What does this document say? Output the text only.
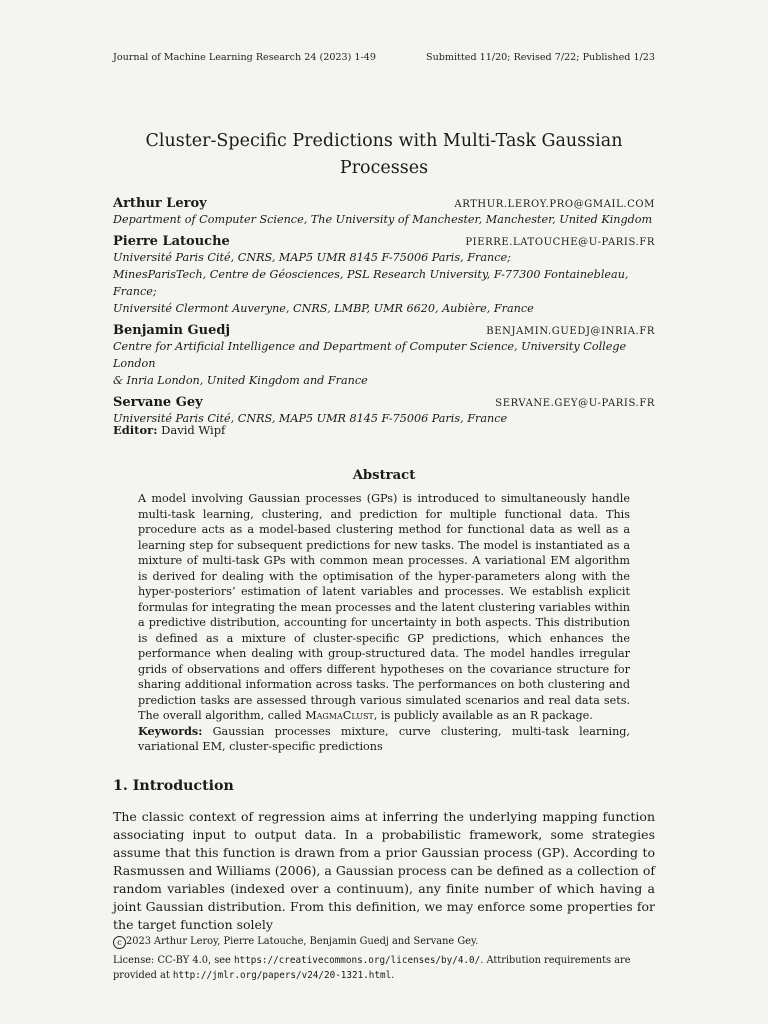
Journal of Machine Learning Research 24 (2023) 1-49	Submitted 11/20; Revised 7/22; Published 1/23
Cluster-Specific Predictions with Multi-Task Gaussian
Processes
Arthur Leroy	ARTHUR.LEROY.PRO@GMAIL.COM
Department of Computer Science, The University of Manchester, Manchester, United Kingdom
Pierre Latouche	PIERRE.LATOUCHE@U-PARIS.FR
Université Paris Cité, CNRS, MAP5 UMR 8145 F-75006 Paris, France;
MinesParisTech, Centre de Géosciences, PSL Research University, F-77300 Fontainebleau, France;
Université Clermont Auveryne, CNRS, LMBP, UMR 6620, Aubière, France
Benjamin Guedj	BENJAMIN.GUEDJ@INRIA.FR
Centre for Artificial Intelligence and Department of Computer Science, University College London
& Inria London, United Kingdom and France
Servane Gey	SERVANE.GEY@U-PARIS.FR
Université Paris Cité, CNRS, MAP5 UMR 8145 F-75006 Paris, France
Editor: David Wipf
Abstract

A model involving Gaussian processes (GPs) is introduced to simultaneously handle multi-task learning, clustering, and prediction for multiple functional data. This procedure acts as a model-based clustering method for functional data as well as a learning step for subsequent predictions for new tasks. The model is instantiated as a mixture of multi-task GPs with common mean processes. A variational EM algorithm is derived for dealing with the optimisation of the hyper-parameters along with the hyper-posteriors’ estimation of latent variables and processes. We establish explicit formulas for integrating the mean processes and the latent clustering variables within a predictive distribution, accounting for uncertainty in both aspects. This distribution is defined as a mixture of cluster-specific GP predictions, which enhances the performance when dealing with group-structured data. The model handles irregular grids of observations and offers different hypotheses on the covariance structure for sharing additional information across tasks. The performances on both clustering and prediction tasks are assessed through various simulated scenarios and real data sets. The overall algorithm, called MagmaClust, is publicly available as an R package.

Keywords: Gaussian processes mixture, curve clustering, multi-task learning, variational EM, cluster-specific predictions

1. Introduction

The classic context of regression aims at inferring the underlying mapping function associating input to output data. In a probabilistic framework, some strategies assume that this function is drawn from a prior Gaussian process (GP). According to Rasmussen and Williams (2006), a Gaussian process can be defined as a collection of random variables (indexed over a continuum), any finite number of which having a joint Gaussian distribution. From this definition, we may enforce some properties for the target function solely

c 2023 Arthur Leroy, Pierre Latouche, Benjamin Guedj and Servane Gey.
License: CC-BY 4.0, see https://creativecommons.org/licenses/by/4.0/. Attribution requirements are provided at http://jmlr.org/papers/v24/20-1321.html.
